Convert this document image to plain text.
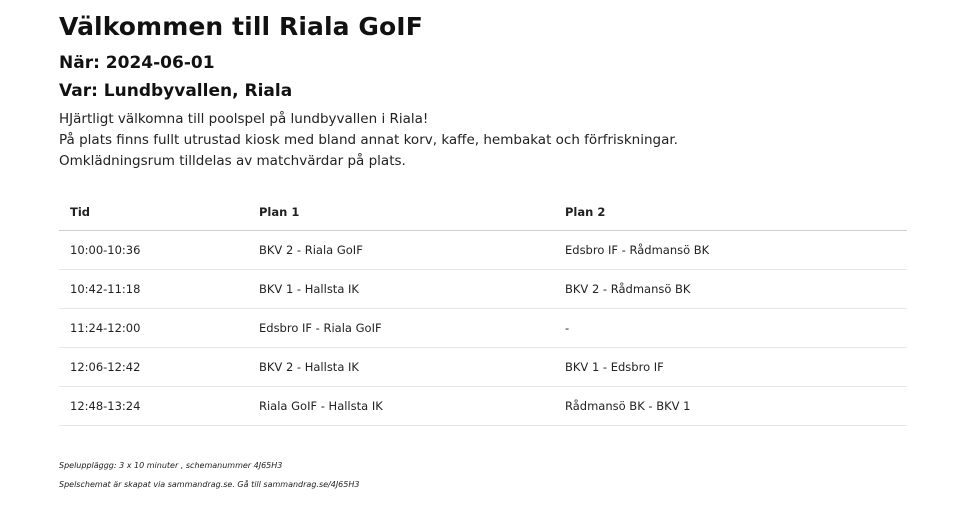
Välkommen till Riala GoIF
När: 2024-06-01
Var: Lundbyvallen, Riala

HJärtligt välkomna till poolspel på lundbyvallen i Riala!

På plats finns fullt utrustad kiosk med bland annat korv, kaffe, hembakat och förfriskningar.

Omklädningsrum tilldelas av matchvärdar på plats.

Tid	Plan 1	Plan 2
10:00-10:36	BKV 2 - Riala GoIF	Edsbro IF - Rådmansö BK
10:42-11:18	BKV 1 - Hallsta IK	BKV 2 - Rådmansö BK
11:24-12:00	Edsbro IF - Riala GoIF	-
12:06-12:42	BKV 2 - Hallsta IK	BKV 1 - Edsbro IF
12:48-13:24	Riala GoIF - Hallsta IK	Rådmansö BK - BKV 1

Speluppläggg: 3 x 10 minuter , schemanummer 4J65H3

Spelschemat är skapat via sammandrag.se. Gå till sammandrag.se/4J65H3
